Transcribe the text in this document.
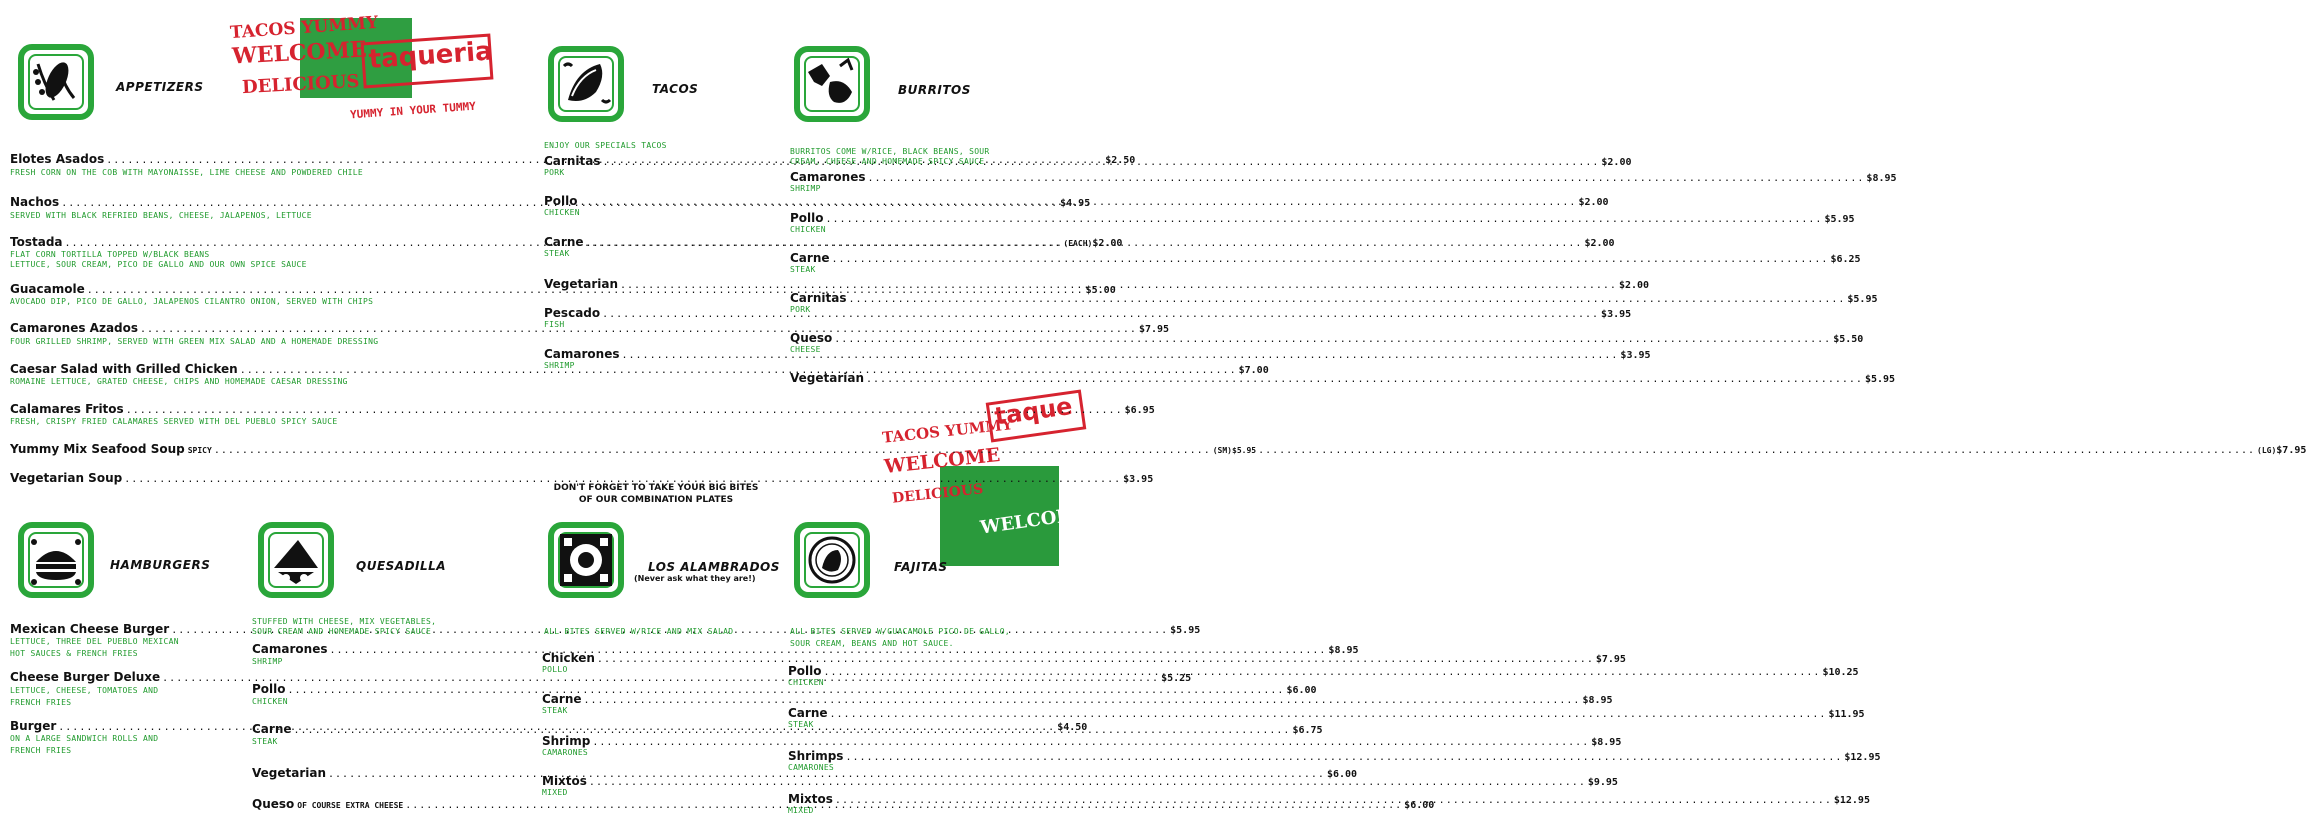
TACOS YUMMY
WELCOME
DELICIOUS
taqueria
YUMMY IN YOUR TUMMY
TACOS YUMMY
WELCOME
DELICIOUS
taque
WELCOME
APPETIZERS
Elotes Asados .....	$2.50
FRESH CORN ON THE COB WITH MAYONAISSE, LIME CHEESE AND POWDERED CHILE
Nachos .....	$4.95
SERVED WITH BLACK REFRIED BEANS, CHEESE, JALAPENOS, LETTUCE
Tostada .....	(EACH) $2.00
FLAT CORN TORTILLA TOPPED W/BLACK BEANS
LETTUCE, SOUR CREAM, PICO DE GALLO AND OUR OWN SPICE SAUCE
Guacamole .....	$5.00
AVOCADO DIP, PICO DE GALLO, JALAPENOS CILANTRO ONION, SERVED WITH CHIPS
Camarones Azados .....	$7.95
FOUR GRILLED SHRIMP, SERVED WITH GREEN MIX SALAD AND A HOMEMADE DRESSING
Caesar Salad with Grilled Chicken .....	$7.00
ROMAINE LETTUCE, GRATED CHEESE, CHIPS AND HOMEMADE CAESAR DRESSING
Calamares Fritos .....	$6.95
FRESH, CRISPY FRIED CALAMARES SERVED WITH DEL PUEBLO SPICY SAUCE
Yummy Mix Seafood Soup SPICY .....	(SM)$5.95 .....	(LG) $7.95
Vegetarian Soup .....	$3.95
HAMBURGERS
Mexican Cheese Burger .....	$5.95
LETTUCE, THREE DEL PUEBLO MEXICAN
HOT SAUCES & FRENCH FRIES
Cheese Burger Deluxe .....	$5.25
LETTUCE, CHEESE, TOMATOES AND
FRENCH FRIES
Burger .....	$4.50
ON A LARGE SANDWICH ROLLS AND
FRENCH FRIES
QUESADILLA
STUFFED WITH CHEESE, MIX VEGETABLES,
SOUR CREAM AND HOMEMADE SPICY SAUCE
Camarones .....	$8.95
SHRIMP
Pollo .....	$6.00
CHICKEN
Carne .....	$6.75
STEAK
Vegetarian .....	$6.00
Queso OF COURSE EXTRA CHEESE .....	$6.00
TACOS
ENJOY OUR SPECIALS TACOS
Carnitas .....	$2.00
PORK
Pollo .....	$2.00
CHICKEN
Carne .....	$2.00
STEAK
Vegetarian .....	$2.00
Pescado .....	$3.95
FISH
Camarones .....	$3.95
SHRIMP
BURRITOS
BURRITOS COME W/RICE, BLACK BEANS, SOUR
CREAM, CHEESE AND HOMEMADE SPICY SAUCE
Camarones .....	$8.95
SHRIMP
Pollo .....	$5.95
CHICKEN
Carne .....	$6.25
STEAK
Carnitas .....	$5.95
PORK
Queso .....	$5.50
CHEESE
Vegetarian .....	$5.95
DON'T FORGET TO TAKE YOUR BIG BITES
OF OUR COMBINATION PLATES
LOS ALAMBRADOS
(Never ask what they are!)
ALL BITES SERVED W/RICE AND MIX SALAD
Chicken .....	$7.95
POLLO
Carne .....	$8.95
STEAK
Shrimp .....	$8.95
CAMARONES
Mixtos .....	$9.95
MIXED
FAJITAS
ALL BITES SERVED W/GUACAMOLE PICO DE GALLO,
SOUR CREAM, BEANS AND HOT SAUCE.
Pollo .....	$10.25
CHICKEN
Carne .....	$11.95
STEAK
Shrimps .....	$12.95
CAMARONES
Mixtos .....	$12.95
MIXED
